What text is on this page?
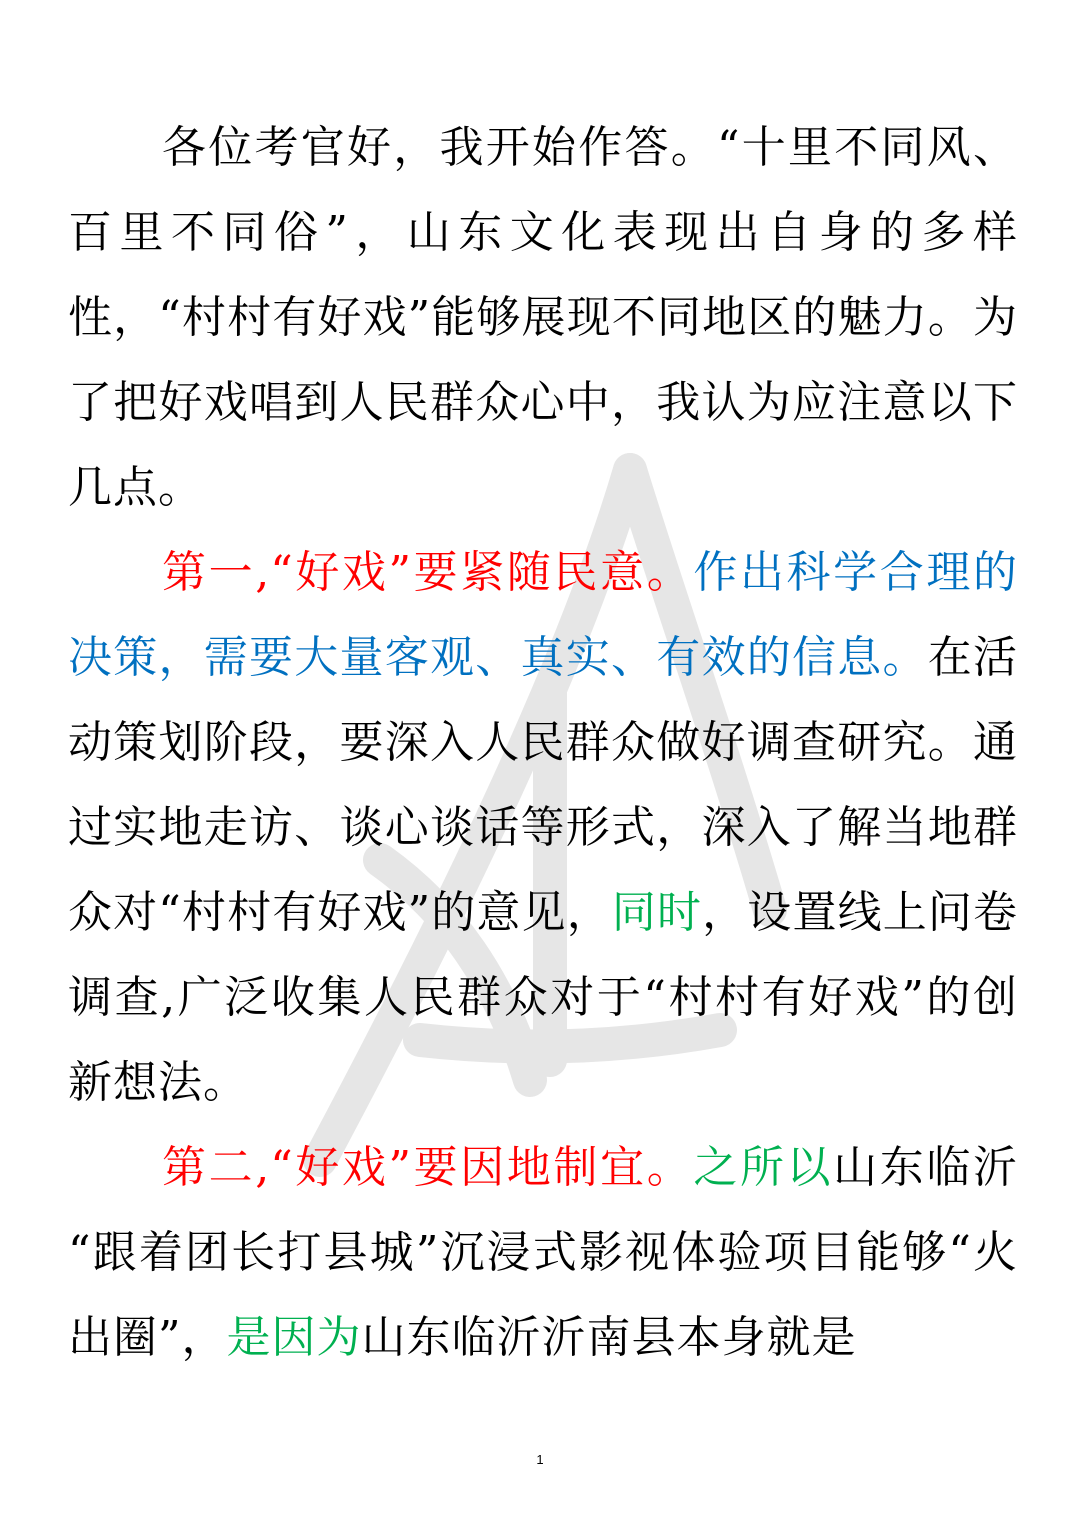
各位考官好，我开始作答。“十里不同风、百里不同俗”，山东文化表现出自身的多样性，“村村有好戏”能够展现不同地区的魅力。为了把好戏唱到人民群众心中，我认为应注意以下几点。

第一,“好戏”要紧随民意。作出科学合理的决策，需要大量客观、真实、有效的信息。在活动策划阶段，要深入人民群众做好调查研究。通过实地走访、谈心谈话等形式，深入了解当地群众对“村村有好戏”的意见，同时，设置线上问卷调查,广泛收集人民群众对于“村村有好戏”的创新想法。

第二,“好戏”要因地制宜。之所以山东临沂 “跟着团长打县城”沉浸式影视体验项目能够“火出圈”，是因为山东临沂沂南县本身就是

1
